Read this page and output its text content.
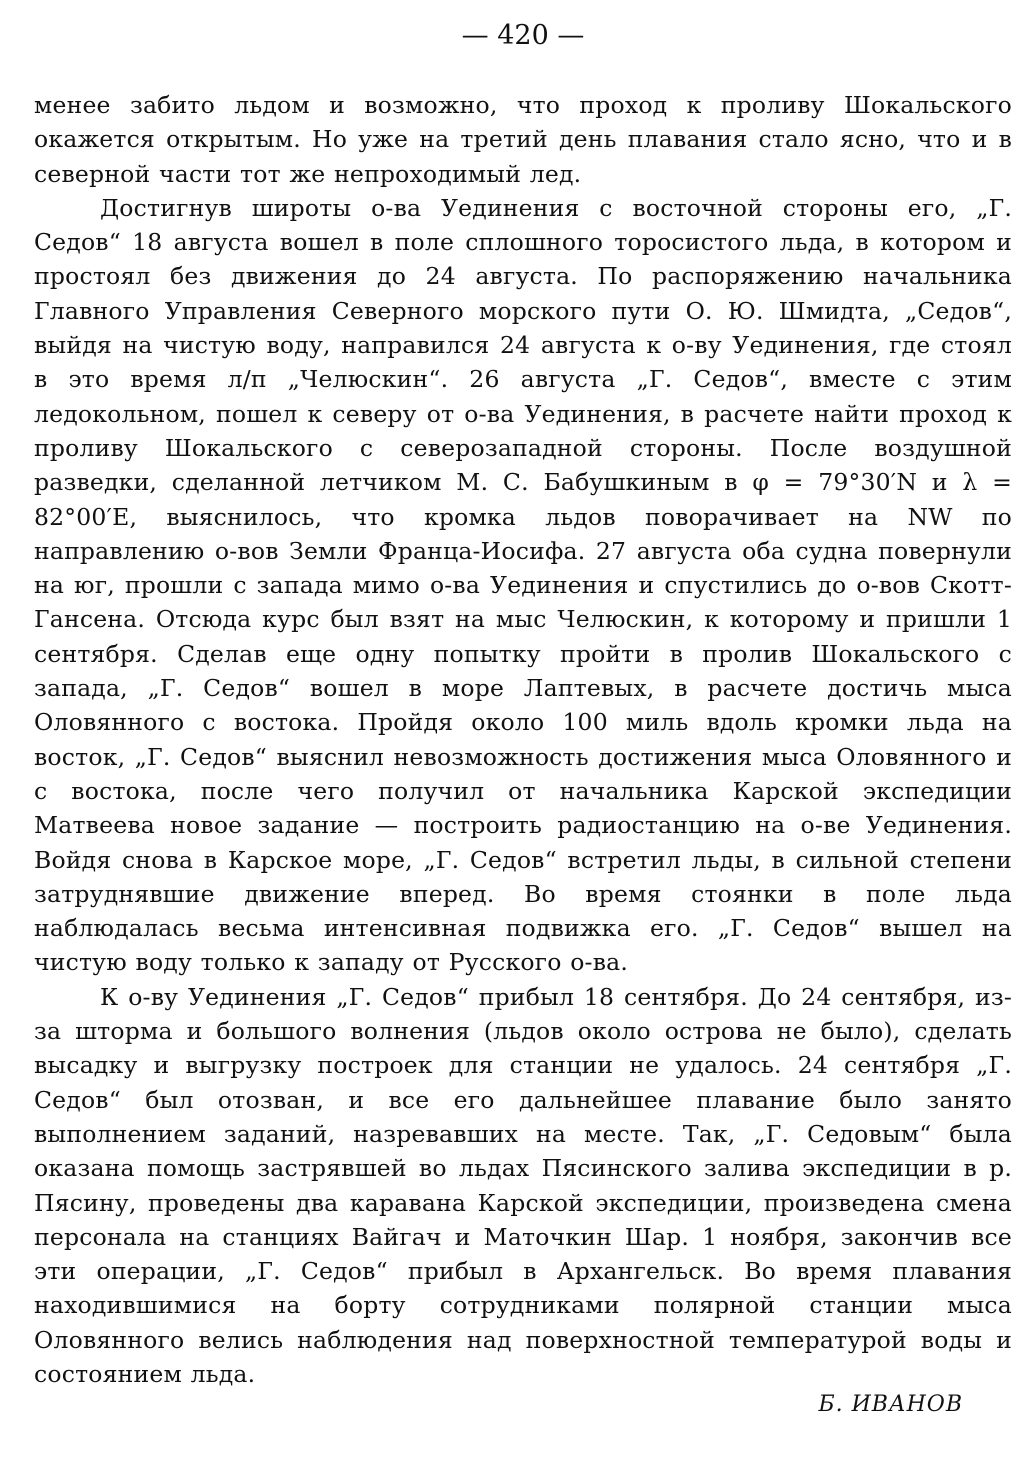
— 420 —

менее забито льдом и возможно, что проход к проливу Шокальского окажется открытым. Но уже на третий день плавания стало ясно, что и в северной части тот же непроходимый лед.

Достигнув широты о-ва Уединения с восточной стороны его, „Г. Седов“ 18 августа вошел в поле сплошного торосистого льда, в котором и простоял без движения до 24 августа. По распоряжению начальника Главного Управления Северного морского пути О. Ю. Шмидта, „Седов“, выйдя на чистую воду, направился 24 августа к о-ву Уединения, где стоял в это время л/п „Челюскин“. 26 августа „Г. Седов“, вместе с этим ледокольном, пошел к северу от о-ва Уединения, в расчете найти проход к проливу Шокальского с северозападной стороны. После воздушной разведки, сделанной летчиком М. С. Бабушкиным в φ = 79°30′N и λ = 82°00′E, выяснилось, что кромка льдов поворачивает на NW по направлению о-вов Земли Франца-Иосифа. 27 августа оба судна повернули на юг, прошли с запада мимо о-ва Уединения и спустились до о-вов Скотт-Гансена. Отсюда курс был взят на мыс Челюскин, к которому и пришли 1 сентября. Сделав еще одну попытку пройти в пролив Шокальского с запада, „Г. Седов“ вошел в море Лаптевых, в расчете достичь мыса Оловянного с востока. Пройдя около 100 миль вдоль кромки льда на восток, „Г. Седов“ выяснил невозможность достижения мыса Оловянного и с востока, после чего получил от начальника Карской экспедиции Матвеева новое задание — построить радиостанцию на о-ве Уединения. Войдя снова в Карское море, „Г. Седов“ встретил льды, в сильной степени затруднявшие движение вперед. Во время стоянки в поле льда наблюдалась весьма интенсивная подвижка его. „Г. Седов“ вышел на чистую воду только к западу от Русского о-ва.

К о-ву Уединения „Г. Седов“ прибыл 18 сентября. До 24 сентября, из-за шторма и большого волнения (льдов около острова не было), сделать высадку и выгрузку построек для станции не удалось. 24 сентября „Г. Седов“ был отозван, и все его дальнейшее плавание было занято выполнением заданий, назревавших на месте. Так, „Г. Седовым“ была оказана помощь застрявшей во льдах Пясинского залива экспедиции в р. Пясину, проведены два каравана Карской экспедиции, произведена смена персонала на станциях Вайгач и Маточкин Шар. 1 ноября, закончив все эти операции, „Г. Седов“ прибыл в Архангельск. Во время плавания находившимися на борту сотрудниками полярной станции мыса Оловянного велись наблюдения над поверхностной температурой воды и состоянием льда.

Б. ИВАНОВ
